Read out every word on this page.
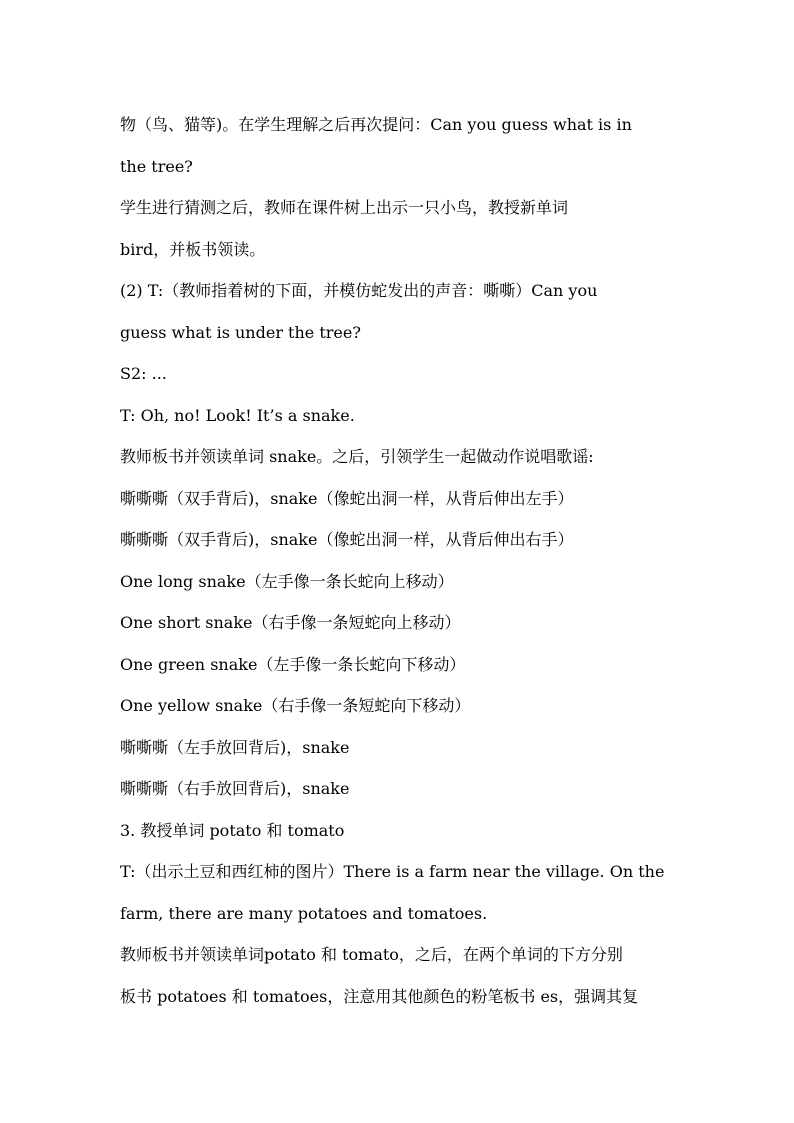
物（鸟、猫等)。在学生理解之后再次提问：Can you guess what is in
the tree?
学生进行猜测之后，教师在课件树上出示一只小鸟，教授新单词
bird，并板书领读。
(2) T:（教师指着树的下面，并模仿蛇发出的声音：嘶嘶）Can you
guess what is under the tree?
S2: ...
T: Oh, no! Look! It’s a snake.
教师板书并领读单词 snake。之后，引领学生一起做动作说唱歌谣:
嘶嘶嘶（双手背后)，snake（像蛇出洞一样，从背后伸出左手）
嘶嘶嘶（双手背后)，snake（像蛇出洞一样，从背后伸出右手）
One long snake（左手像一条长蛇向上移动）
One short snake（右手像一条短蛇向上移动）
One green snake（左手像一条长蛇向下移动）
One yellow snake（右手像一条短蛇向下移动）
嘶嘶嘶（左手放回背后)，snake
嘶嘶嘶（右手放回背后)，snake
3. 教授单词 potato 和 tomato
T:（出示土豆和西红柿的图片）There is a farm near the village. On the
farm, there are many potatoes and tomatoes.
教师板书并领读单词potato 和 tomato，之后，在两个单词的下方分别
板书 potatoes 和 tomatoes，注意用其他颜色的粉笔板书 es，强调其复
